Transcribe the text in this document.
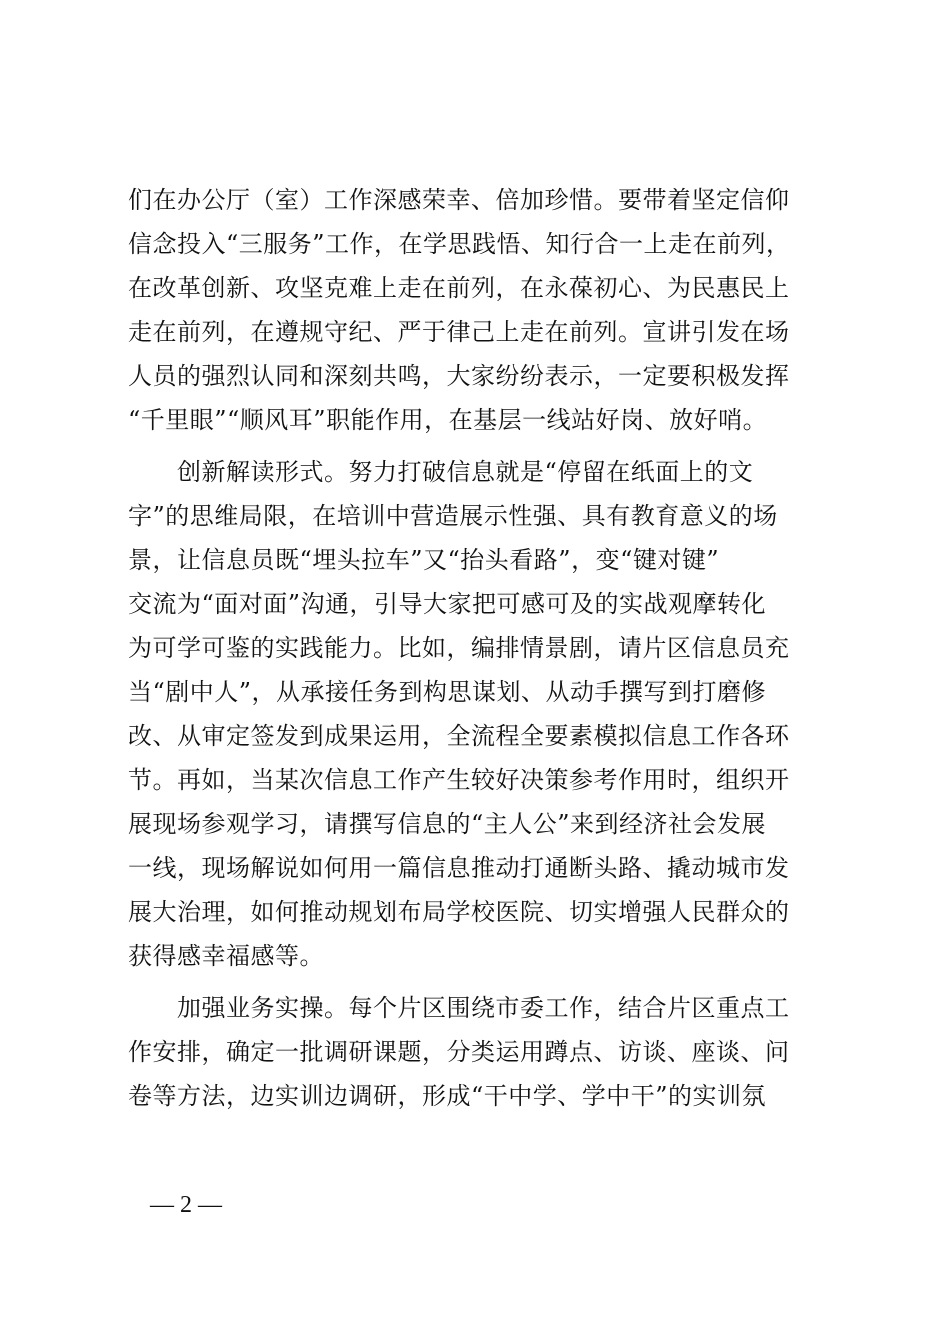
们在办公厅（室）工作深感荣幸、倍加珍惜。要带着坚定信仰
信念投入“三服务”工作，在学思践悟、知行合一上走在前列，
在改革创新、攻坚克难上走在前列，在永葆初心、为民惠民上
走在前列，在遵规守纪、严于律己上走在前列。宣讲引发在场
人员的强烈认同和深刻共鸣，大家纷纷表示，一定要积极发挥
“千里眼”“顺风耳”职能作用，在基层一线站好岗、放好哨。
　　创新解读形式。努力打破信息就是“停留在纸面上的文
字”的思维局限，在培训中营造展示性强、具有教育意义的场
景，让信息员既“埋头拉车”又“抬头看路”，变“键对键”
交流为“面对面”沟通，引导大家把可感可及的实战观摩转化
为可学可鉴的实践能力。比如，编排情景剧，请片区信息员充
当“剧中人”，从承接任务到构思谋划、从动手撰写到打磨修
改、从审定签发到成果运用，全流程全要素模拟信息工作各环
节。再如，当某次信息工作产生较好决策参考作用时，组织开
展现场参观学习，请撰写信息的“主人公”来到经济社会发展
一线，现场解说如何用一篇信息推动打通断头路、撬动城市发
展大治理，如何推动规划布局学校医院、切实增强人民群众的
获得感幸福感等。
　　加强业务实操。每个片区围绕市委工作，结合片区重点工
作安排，确定一批调研课题，分类运用蹲点、访谈、座谈、问
卷等方法，边实训边调研，形成“干中学、学中干”的实训氛
— 2 —
